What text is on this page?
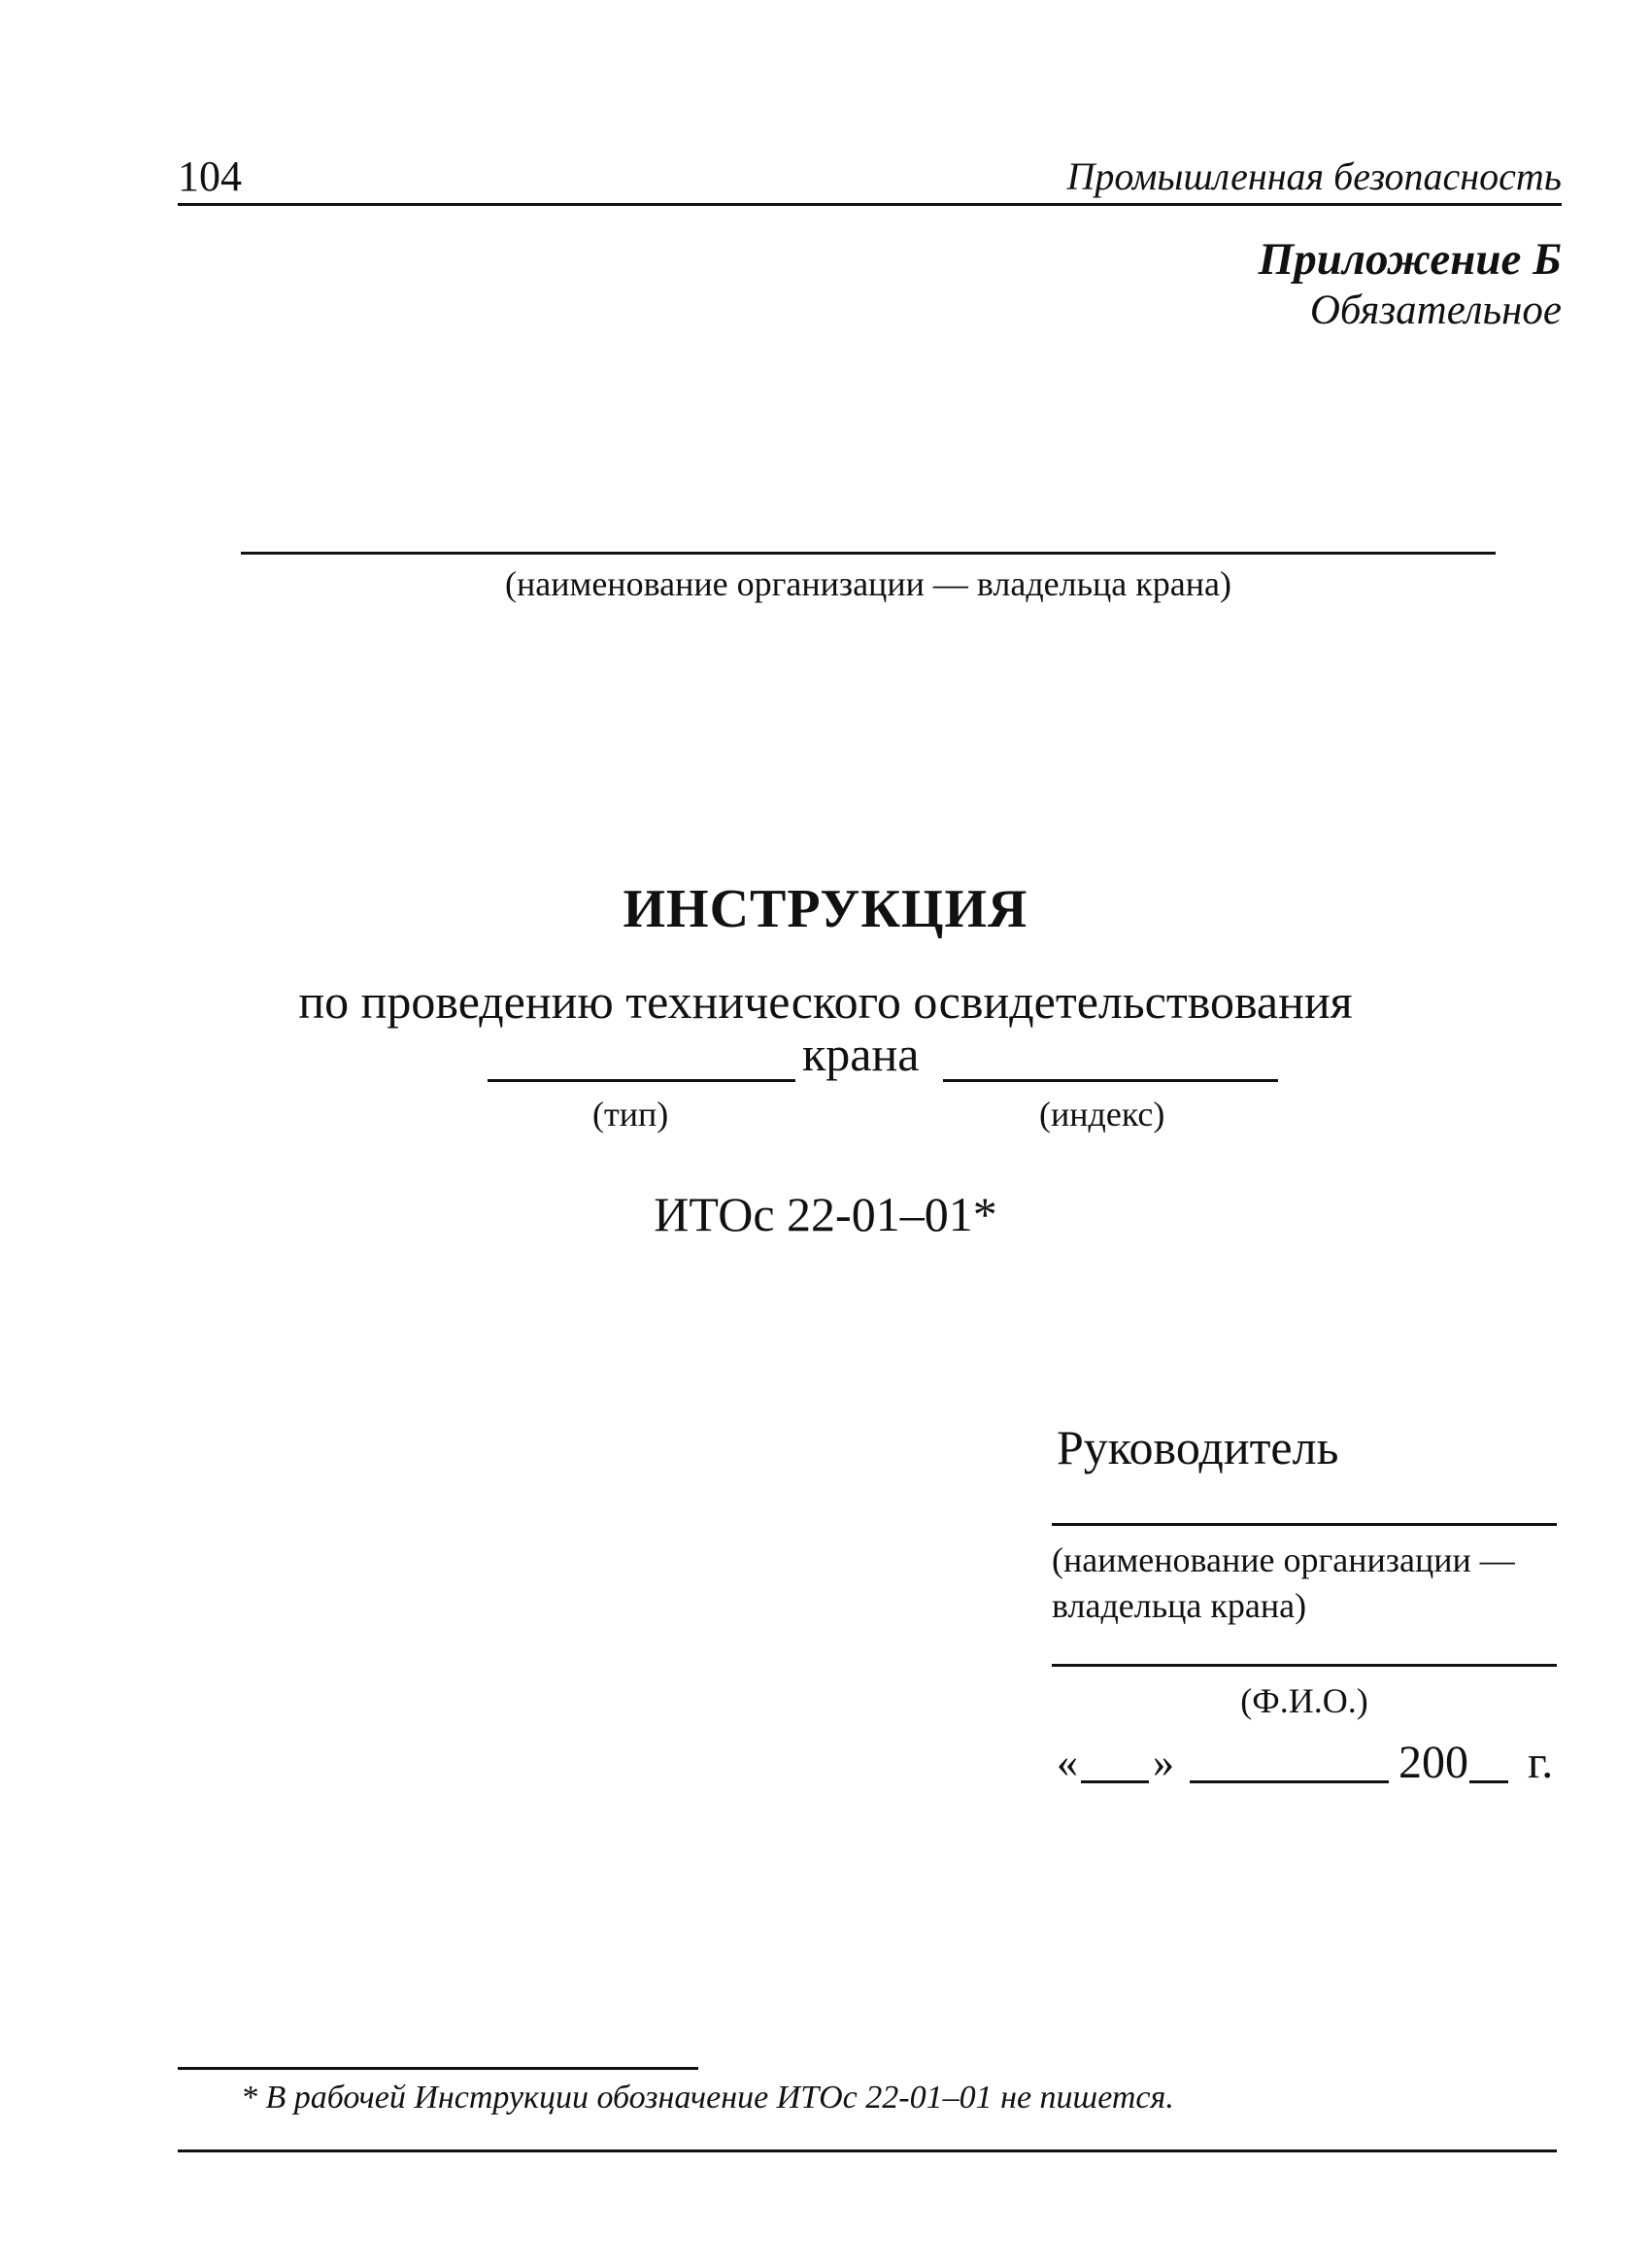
104	Промышленная безопасность
Приложение Б
Обязательное
(наименование организации — владельца крана)
ИНСТРУКЦИЯ
по проведению технического освидетельствования
крана
(тип)	(индекс)
ИТОс 22-01–01*
Руководитель
(наименование организации —
владельца крана)
(Ф.И.О.)
« »	200 г.
* В рабочей Инструкции обозначение ИТОс 22-01–01 не пишется.
